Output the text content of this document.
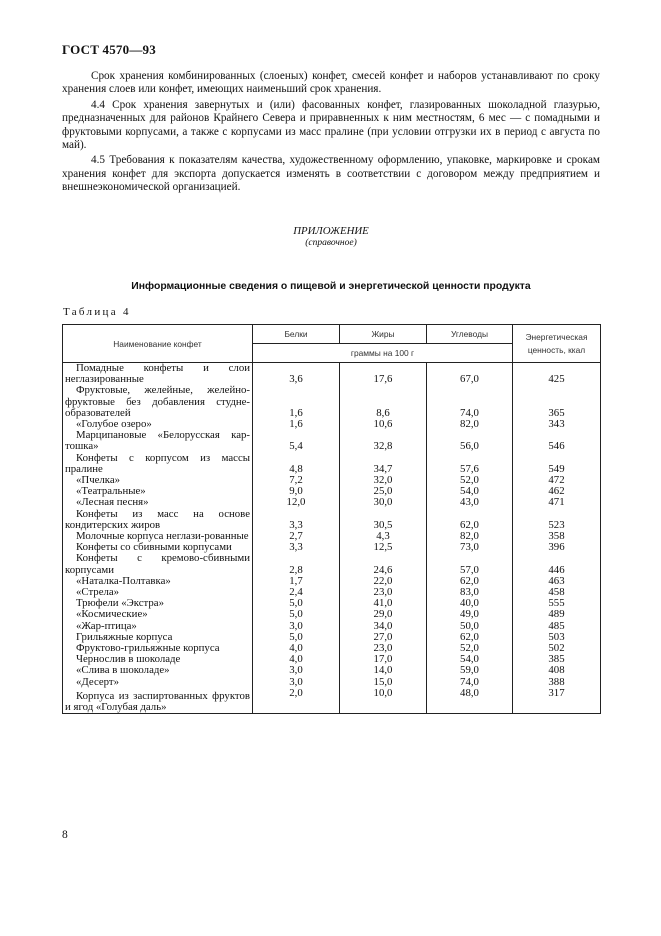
ГОСТ 4570—93

Срок хранения комбинированных (слоеных) конфет, смесей конфет и наборов устанавливают по сроку хранения слоев или конфет, имеющих наименьший срок хранения.

4.4 Срок хранения завернутых и (или) фасованных конфет, глазированных шоколадной глазурью, предназначенных для районов Крайнего Севера и приравненных к ним местностям, 6 мес — с помадными и фруктовыми корпусами, а также с корпусами из масс пралине (при условии отгрузки их в период с августа по май).

4.5 Требования к показателям качества, художественному оформлению, упаковке, маркировке и срокам хранения конфет для экспорта допускается изменять в соответствии с договором между предприятием и внешнеэкономической организацией.

ПРИЛОЖЕНИЕ
(справочное)
Информационные сведения о пищевой и энергетической ценности продукта
Таблица 4
Наименование конфет	Белки	Жиры	Углеводы	Энергетическая ценность, ккал
	граммы на 100 г			

Помадные конфеты и слои неглазированные	3,6	17,6	67,0	425

Фруктовые, желейные, желейно-фруктовые без добавления студне-образователей	1,6	8,6	74,0	365

«Голубое озеро»	1,6	10,6	82,0	343

Марципановые «Белорусская кар-тошка»	5,4	32,8	56,0	546

Конфеты с корпусом из массы пралине	4,8	34,7	57,6	549

«Пчелка»	7,2	32,0	52,0	472

«Театральные»	9,0	25,0	54,0	462

«Лесная песня»	12,0	30,0	43,0	471

Конфеты из масс на основе кондитерских жиров	3,3	30,5	62,0	523

Молочные корпуса неглази-рованные	2,7	4,3	82,0	358

Конфеты со сбивными корпусами	3,3	12,5	73,0	396

Конфеты с кремово-сбивными корпусами	2,8	24,6	57,0	446

«Наталка-Полтавка»	1,7	22,0	62,0	463

«Стрела»	2,4	23,0	83,0	458

Трюфели «Экстра»	5,0	41,0	40,0	555

«Космические»	5,0	29,0	49,0	489

«Жар-птица»	3,0	34,0	50,0	485

Грильяжные корпуса	5,0	27,0	62,0	503

Фруктово-грильяжные корпуса	4,0	23,0	52,0	502

Чернослив в шоколаде	4,0	17,0	54,0	385

«Слива в шоколаде»	3,0	14,0	59,0	408

«Десерт»	3,0	15,0	74,0	388

Корпуса из заспиртованных фруктов и ягод «Голубая даль»	2,0	10,0	48,0	317
8
